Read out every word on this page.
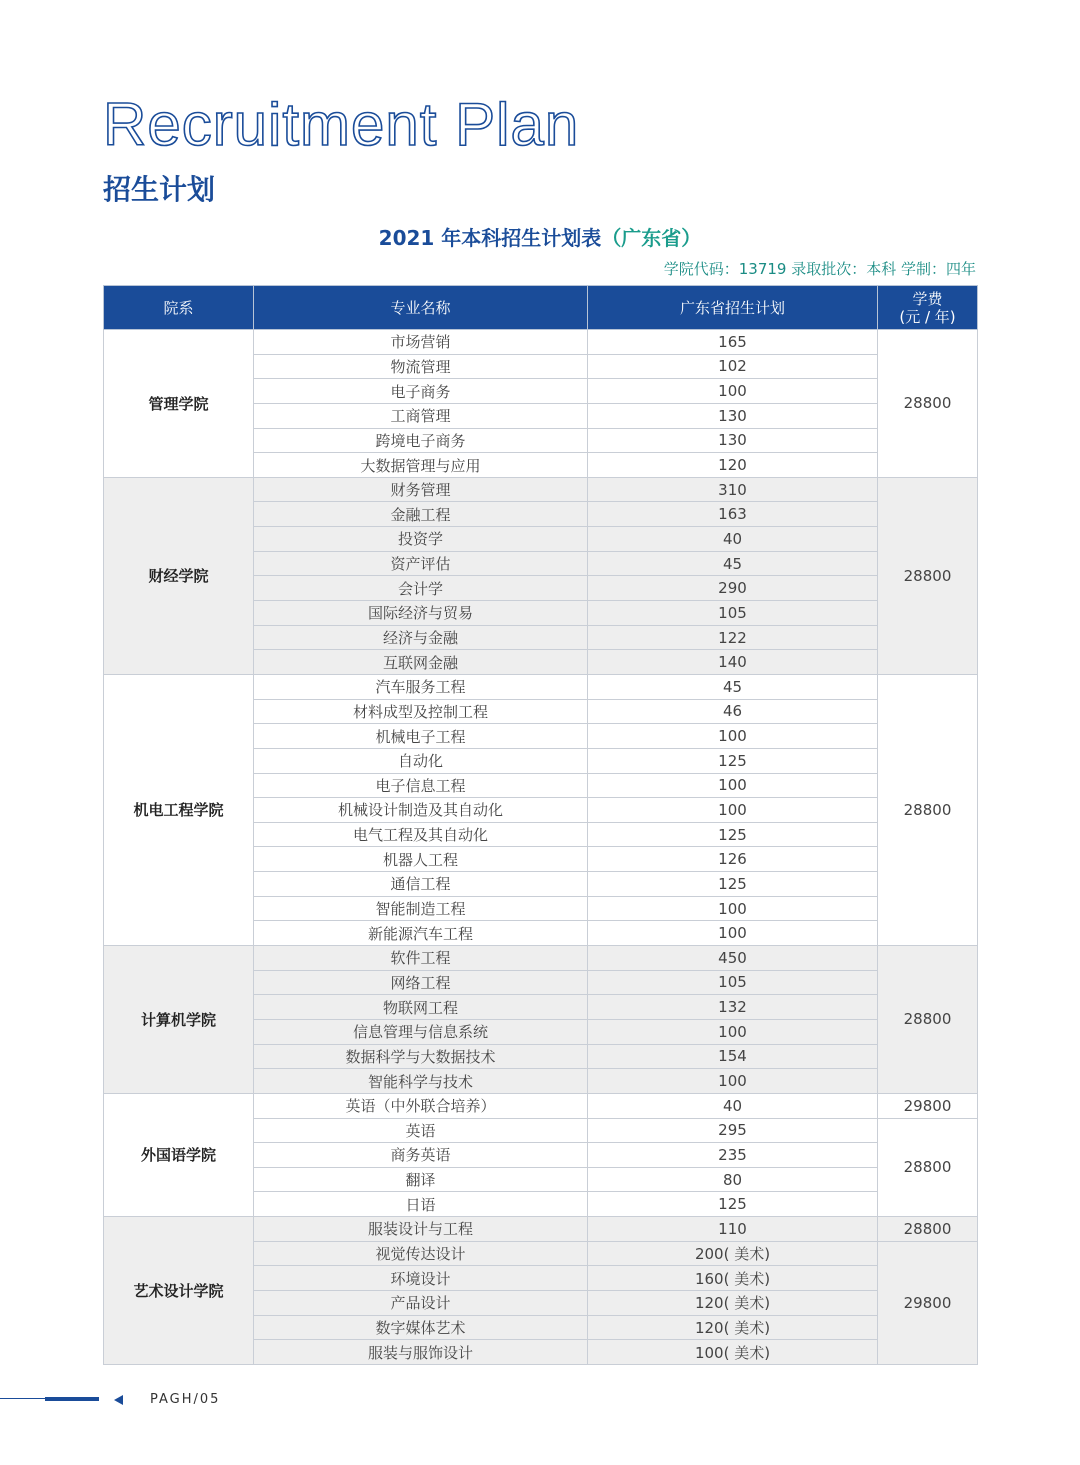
Recruitment Plan
招生计划
2021 年本科招生计划表（广东省）
学院代码：13719 录取批次：本科 学制：四年
院系	专业名称	广东省招生计划	学费
(元 / 年)
管理学院	市场营销	165	28800
	物流管理	102	
	电子商务	100	
	工商管理	130	
	跨境电子商务	130	
	大数据管理与应用	120	
财经学院	财务管理	310	28800
	金融工程	163	
	投资学	40	
	资产评估	45	
	会计学	290	
	国际经济与贸易	105	
	经济与金融	122	
	互联网金融	140	
机电工程学院	汽车服务工程	45	28800
	材料成型及控制工程	46	
	机械电子工程	100	
	自动化	125	
	电子信息工程	100	
	机械设计制造及其自动化	100	
	电气工程及其自动化	125	
	机器人工程	126	
	通信工程	125	
	智能制造工程	100	
	新能源汽车工程	100	
计算机学院	软件工程	450	28800
	网络工程	105	
	物联网工程	132	
	信息管理与信息系统	100	
	数据科学与大数据技术	154	
	智能科学与技术	100	
外国语学院	英语（中外联合培养）	40	29800
	英语	295	28800
	商务英语	235	
	翻译	80	
	日语	125	
艺术设计学院	服装设计与工程	110	28800
	视觉传达设计	200( 美术)	29800
	环境设计	160( 美术)	
	产品设计	120( 美术)	
	数字媒体艺术	120( 美术)	
	服装与服饰设计	100( 美术)	
PAGH/05
